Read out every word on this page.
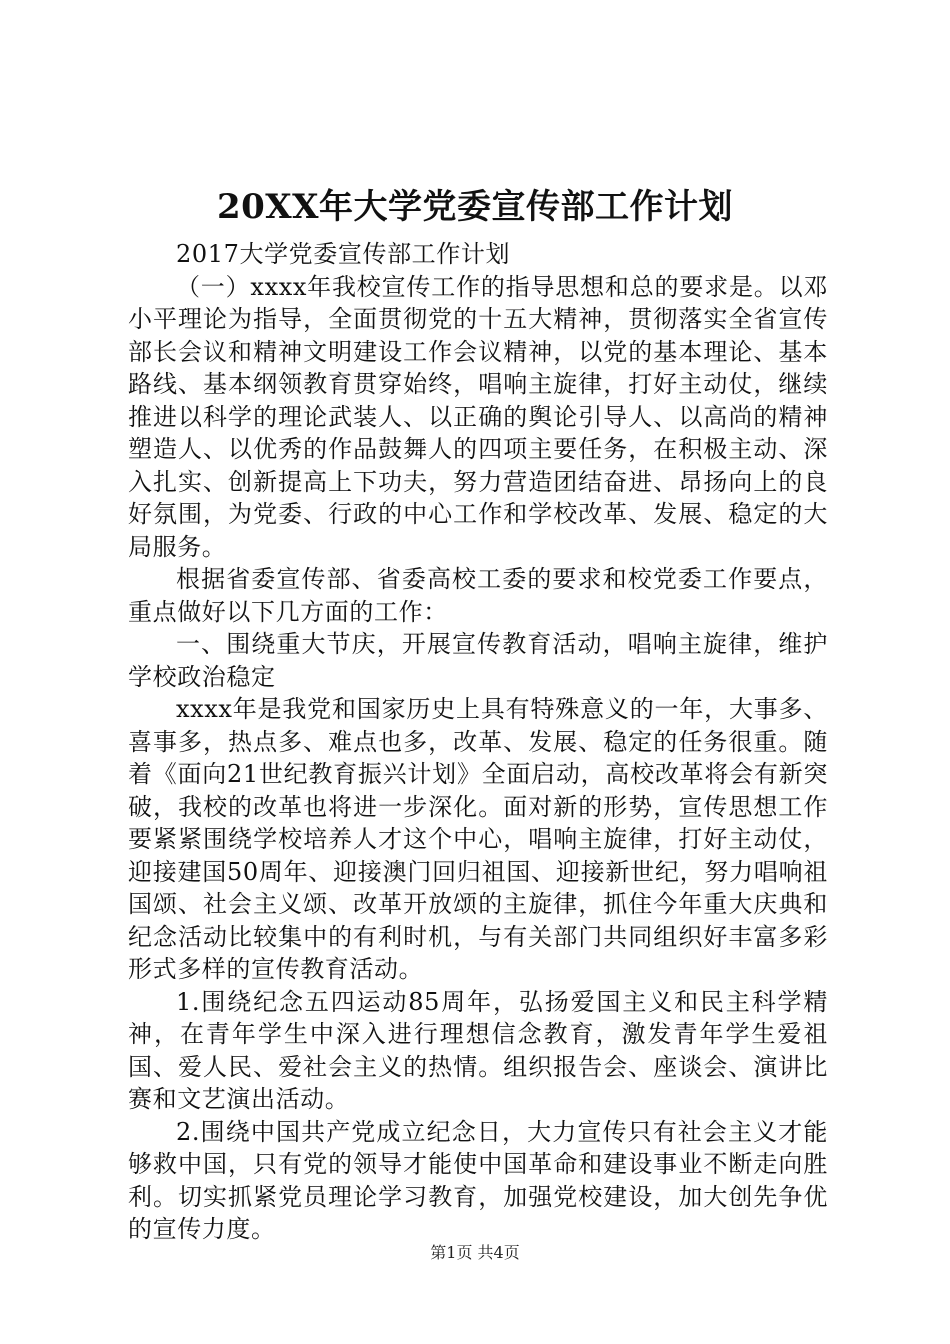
20XX年大学党委宣传部工作计划

2017大学党委宣传部工作计划

（一）xxxx年我校宣传工作的指导思想和总的要求是。以邓小平理论为指导，全面贯彻党的十五大精神，贯彻落实全省宣传部长会议和精神文明建设工作会议精神，以党的基本理论、基本路线、基本纲领教育贯穿始终，唱响主旋律，打好主动仗，继续推进以科学的理论武装人、以正确的舆论引导人、以高尚的精神塑造人、以优秀的作品鼓舞人的四项主要任务，在积极主动、深入扎实、创新提高上下功夫，努力营造团结奋进、昂扬向上的良好氛围，为党委、行政的中心工作和学校改革、发展、稳定的大局服务。

根据省委宣传部、省委高校工委的要求和校党委工作要点，重点做好以下几方面的工作：

一、围绕重大节庆，开展宣传教育活动，唱响主旋律，维护学校政治稳定

xxxx年是我党和国家历史上具有特殊意义的一年，大事多、喜事多，热点多、难点也多，改革、发展、稳定的任务很重。随着《面向21世纪教育振兴计划》全面启动，高校改革将会有新突破，我校的改革也将进一步深化。面对新的形势，宣传思想工作要紧紧围绕学校培养人才这个中心，唱响主旋律，打好主动仗，迎接建国50周年、迎接澳门回归祖国、迎接新世纪，努力唱响祖国颂、社会主义颂、改革开放颂的主旋律，抓住今年重大庆典和纪念活动比较集中的有利时机，与有关部门共同组织好丰富多彩形式多样的宣传教育活动。

1.围绕纪念五四运动85周年，弘扬爱国主义和民主科学精神，在青年学生中深入进行理想信念教育，激发青年学生爱祖国、爱人民、爱社会主义的热情。组织报告会、座谈会、演讲比赛和文艺演出活动。

2.围绕中国共产党成立纪念日，大力宣传只有社会主义才能够救中国，只有党的领导才能使中国革命和建设事业不断走向胜利。切实抓紧党员理论学习教育，加强党校建设，加大创先争优的宣传力度。

第1页 共4页
